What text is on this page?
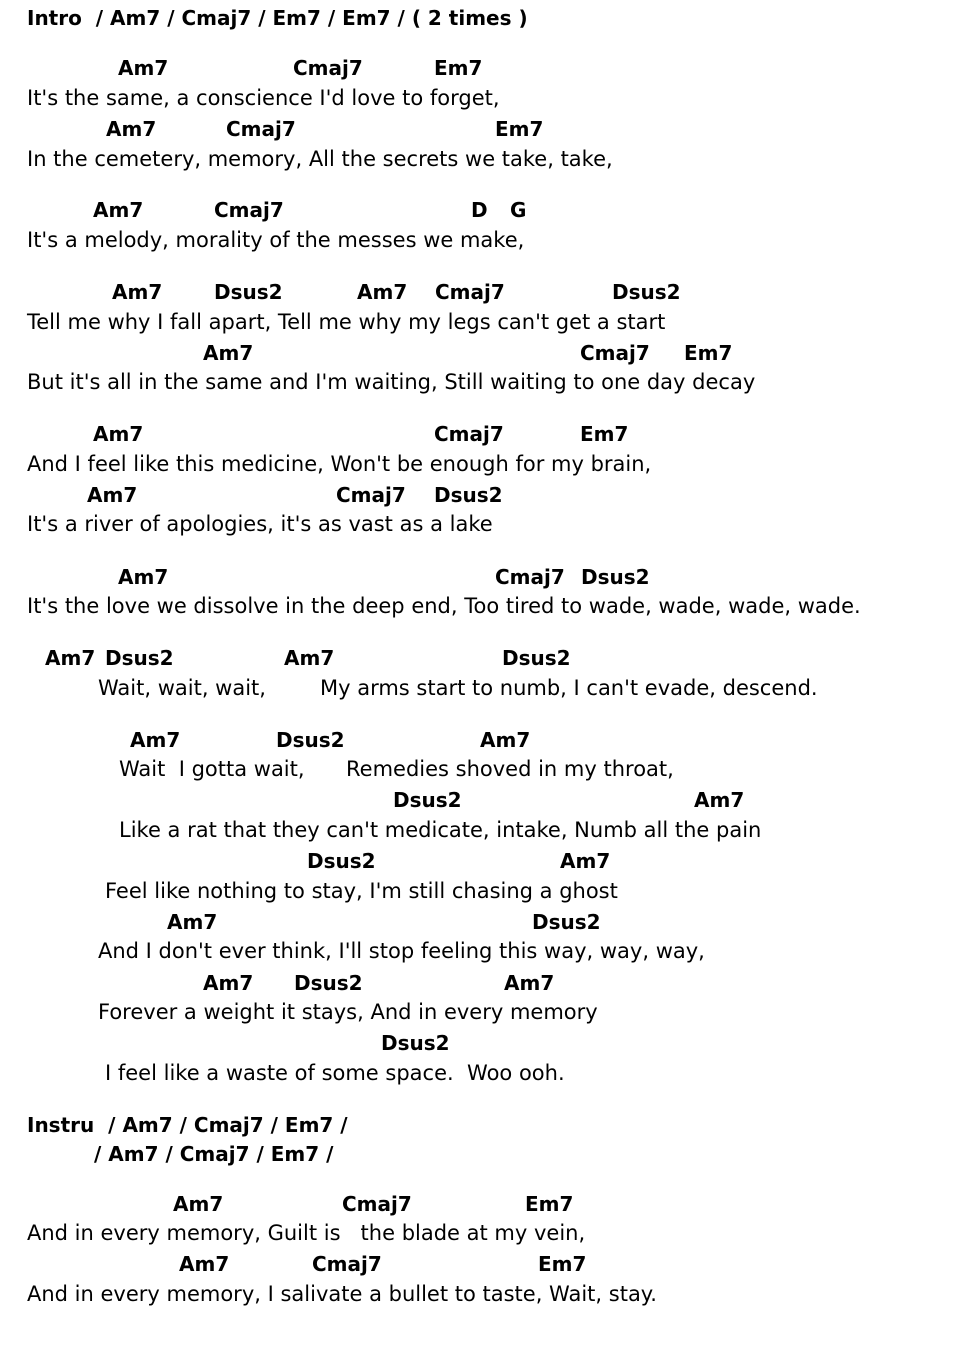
Intro  / Am7 / Cmaj7 / Em7 / Em7 / ( 2 times )
Am7	Cmaj7	Em7
It's the same, a conscience I'd love to forget,
Am7	Cmaj7	Em7
In the cemetery, memory, All the secrets we take, take,
Am7	Cmaj7	D G
It's a melody, morality of the messes we make,
Am7	Dsus2	Am7 Cmaj7	Dsus2
Tell me why I fall apart, Tell me why my legs can't get a start
Am7	Cmaj7 Em7
But it's all in the same and I'm waiting, Still waiting to one day decay
Am7	Cmaj7	Em7
And I feel like this medicine, Won't be enough for my brain,
Am7	Cmaj7 Dsus2
It's a river of apologies, it's as vast as a lake
Am7	Cmaj7 Dsus2
It's the love we dissolve in the deep end, Too tired to wade, wade, wade, wade.
Am7 Dsus2	Am7	Dsus2
Wait, wait, wait,	My arms start to numb, I can't evade, descend.
Am7	Dsus2	Am7
Wait  I gotta wait, Remedies shoved in my throat,
Dsus2	Am7
Like a rat that they can't medicate, intake, Numb all the pain
Dsus2	Am7
Feel like nothing to stay, I'm still chasing a ghost
Am7	Dsus2
And I don't ever think, I'll stop feeling this way, way, way,
Am7 Dsus2	Am7
Forever a weight it stays, And in every memory
Dsus2
I feel like a waste of some space.  Woo ooh.
Instru  / Am7 / Cmaj7 / Em7 /
/ Am7 / Cmaj7 / Em7 /
Am7	Cmaj7	Em7
And in every memory, Guilt is   the blade at my vein,
Am7	Cmaj7	Em7
And in every memory, I salivate a bullet to taste, Wait, stay.
